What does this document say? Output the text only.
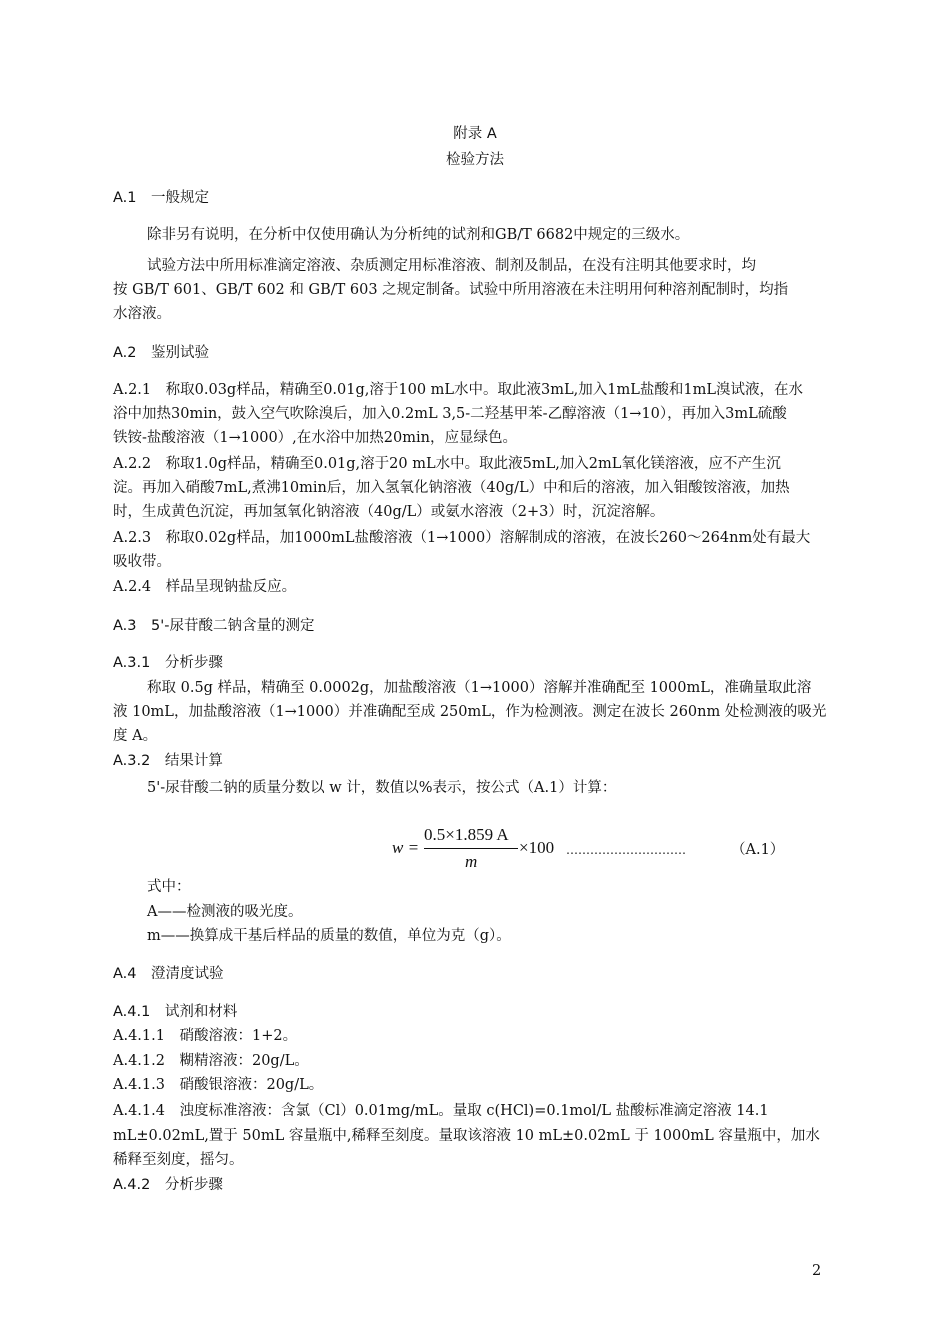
附录 A
检验方法
A.1　一般规定
除非另有说明，在分析中仅使用确认为分析纯的试剂和GB/T 6682中规定的三级水。
试验方法中所用标准滴定溶液、杂质测定用标准溶液、制剂及制品，在没有注明其他要求时，均
按 GB/T 601、GB/T 602 和 GB/T 603 之规定制备。试验中所用溶液在未注明用何种溶剂配制时，均指
水溶液。
A.2　鉴别试验
A.2.1　称取0.03g样品，精确至0.01g,溶于100 mL水中。取此液3mL,加入1mL盐酸和1mL溴试液，在水
浴中加热30min，鼓入空气吹除溴后，加入0.2mL 3,5-二羟基甲苯-乙醇溶液（1→10），再加入3mL硫酸
铁铵-盐酸溶液（1→1000）,在水浴中加热20min，应显绿色。
A.2.2　称取1.0g样品，精确至0.01g,溶于20 mL水中。取此液5mL,加入2mL氧化镁溶液，应不产生沉
淀。再加入硝酸7mL,煮沸10min后，加入氢氧化钠溶液（40g/L）中和后的溶液，加入钼酸铵溶液，加热
时，生成黄色沉淀，再加氢氧化钠溶液（40g/L）或氨水溶液（2+3）时，沉淀溶解。
A.2.3　称取0.02g样品，加1000mL盐酸溶液（1→1000）溶解制成的溶液，在波长260～264nm处有最大
吸收带。
A.2.4　样品呈现钠盐反应。
A.3　5'-尿苷酸二钠含量的测定
A.3.1　分析步骤
称取 0.5g 样品，精确至 0.0002g，加盐酸溶液（1→1000）溶解并准确配至 1000mL，准确量取此溶
液 10mL，加盐酸溶液（1→1000）并准确配至成 250mL，作为检测液。测定在波长 260nm 处检测液的吸光
度 A。
A.3.2　结果计算
5'-尿苷酸二钠的质量分数以 w 计，数值以%表示，按公式（A.1）计算：
w =
0.5×1.859 A
m
×100 …………………………	（A.1）
式中：
A——检测液的吸光度。
m——换算成干基后样品的质量的数值，单位为克（g）。
A.4　澄清度试验
A.4.1　试剂和材料
A.4.1.1　硝酸溶液：1+2。
A.4.1.2　糊精溶液：20g/L。
A.4.1.3　硝酸银溶液：20g/L。
A.4.1.4　浊度标准溶液：含氯（Cl）0.01mg/mL。量取 c(HCl)=0.1mol/L 盐酸标准滴定溶液 14.1
mL±0.02mL,置于 50mL 容量瓶中,稀释至刻度。量取该溶液 10 mL±0.02mL 于 1000mL 容量瓶中，加水
稀释至刻度，摇匀。
A.4.2　分析步骤
2
